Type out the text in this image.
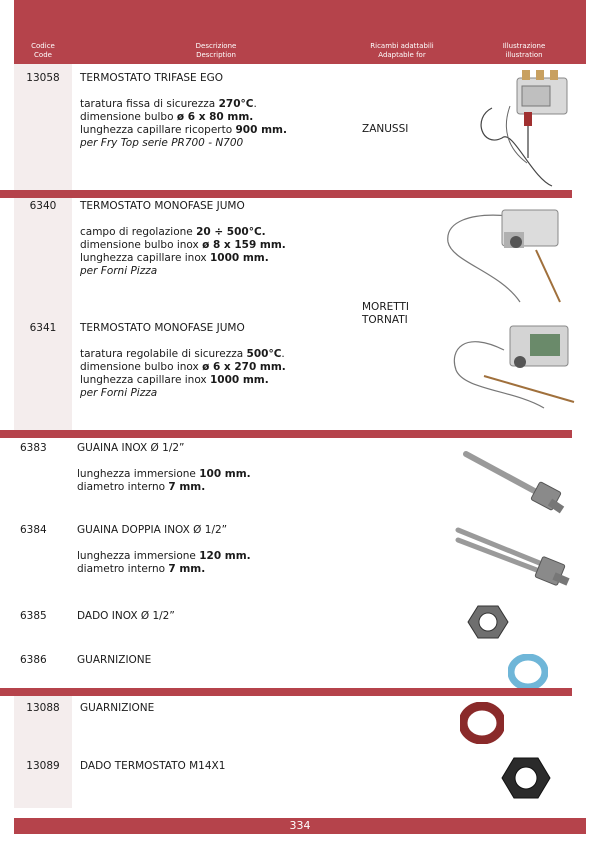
Codice
Code
Descrizione
Description
Ricambi adattabili
Adaptable for
Illustrazione
illustration
13058	TERMOSTATO TRIFASE EGO
taratura fissa di sicurezza 270°C.
dimensione bulbo ø 6 x 80 mm.
lunghezza capillare ricoperto 900 mm.
per Fry Top serie PR700 - N700
ZANUSSI
6340	TERMOSTATO MONOFASE JUMO
campo di regolazione 20 ÷ 500°C.
dimensione bulbo inox ø 8 x 159 mm.
lunghezza capillare inox 1000 mm.
per Forni Pizza
MORETTI
TORNATI
6341	TERMOSTATO MONOFASE JUMO
taratura regolabile di sicurezza 500°C.
dimensione bulbo inox ø 6 x 270 mm.
lunghezza capillare inox 1000 mm.
per Forni Pizza
6383	GUAINA INOX Ø 1/2”
lunghezza immersione 100 mm.
diametro interno 7 mm.
6384	GUAINA DOPPIA INOX Ø 1/2”
lunghezza immersione 120 mm.
diametro interno 7 mm.
6385	DADO INOX Ø 1/2”
6386	GUARNIZIONE
13088	GUARNIZIONE
13089	DADO TERMOSTATO M14X1
334
